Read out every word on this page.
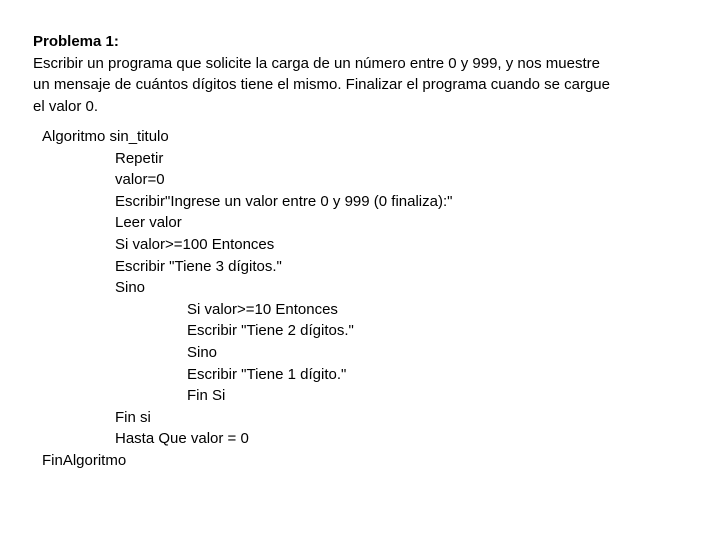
Problema 1:
Escribir un programa que solicite la carga de un número entre 0 y 999, y nos muestre un mensaje de cuántos dígitos tiene el mismo. Finalizar el programa cuando se cargue el valor 0.
Algoritmo sin_titulo
Repetir
valor=0
Escribir"Ingrese un valor entre 0 y 999 (0 finaliza):"
Leer valor
Si valor>=100 Entonces
Escribir "Tiene 3 dígitos."
Sino
Si valor>=10 Entonces
Escribir "Tiene 2 dígitos."
Sino
Escribir "Tiene 1 dígito."
Fin Si
Fin si
Hasta Que valor = 0
FinAlgoritmo
